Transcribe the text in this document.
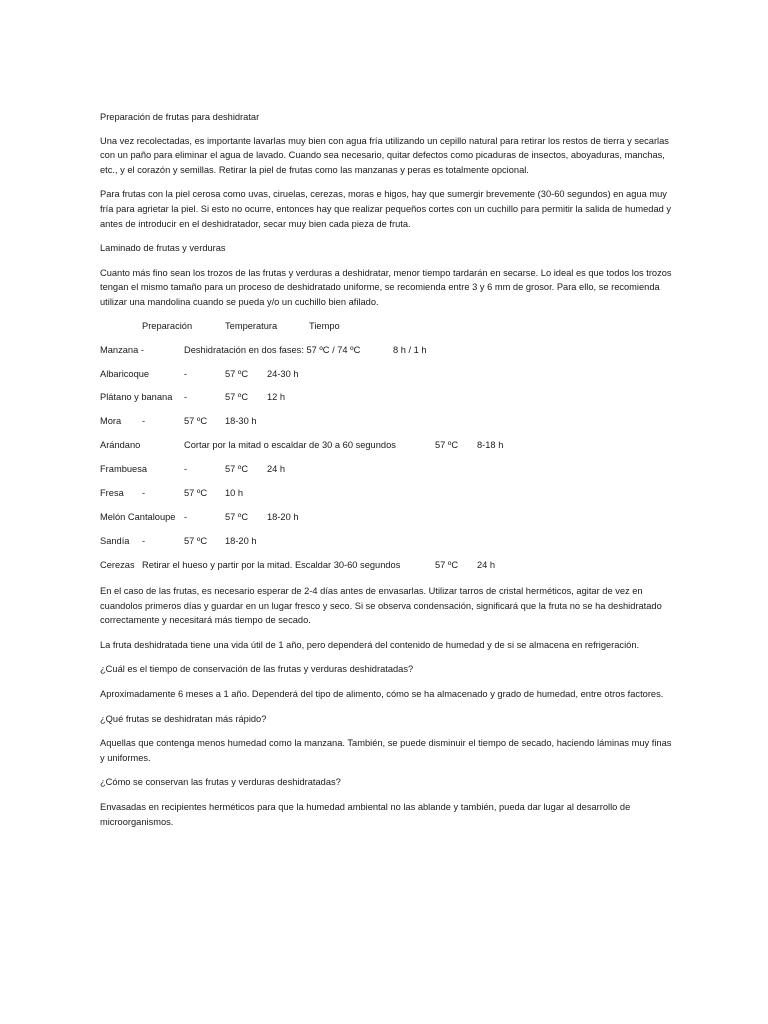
Preparación de frutas para deshidratar

Una vez recolectadas, es importante lavarlas muy bien con agua fría utilizando un cepillo natural para retirar los restos de tierra y secarlas con un paño para eliminar el agua de lavado. Cuando sea necesario, quitar defectos como picaduras de insectos, aboyaduras, manchas, etc., y el corazón y semillas. Retirar la piel de frutas como las manzanas y peras es totalmente opcional.

Para frutas con la piel cerosa como uvas, ciruelas, cerezas, moras e higos, hay que sumergir brevemente (30-60 segundos) en agua muy fría para agrietar la piel. Si esto no ocurre, entonces hay que realizar pequeños cortes con un cuchillo para permitir la salida de humedad y antes de introducir en el deshidratador, secar muy bien cada pieza de fruta.

Laminado de frutas y verduras

Cuanto más fino sean los trozos de las frutas y verduras a deshidratar, menor tiempo tardarán en secarse. Lo ideal es que todos los trozos tengan el mismo tamaño para un proceso de deshidratado uniforme, se recomienda entre 3 y 6 mm de grosor. Para ello, se recomienda utilizar una mandolina cuando se pueda y/o un cuchillo bien afilado.

Preparación	Temperatura	Tiempo
Manzana -	Deshidratación en dos fases: 57 ºC / 74 ºC	8 h / 1 h
Albaricoque	-	57 ºC 24-30 h
Plátano y banana -	57 ºC 12 h
Mora -	57 ºC 18-30 h
Arándano	Cortar por la mitad o escaldar de 30 a 60 segundos	57 ºC 8-18 h
Frambuesa	-	57 ºC 24 h
Fresa -	57 ºC 10 h
Melón Cantaloupe -	57 ºC 18-20 h
Sandía -	57 ºC 18-20 h
Cerezas Retirar el hueso y partir por la mitad. Escaldar 30-60 segundos	57 ºC 24 h

En el caso de las frutas, es necesario esperar de 2-4 días antes de envasarlas. Utilizar tarros de cristal herméticos, agitar de vez en cuandolos primeros días y guardar en un lugar fresco y seco. Si se observa condensación, significará que la fruta no se ha deshidratado correctamente y necesitará más tiempo de secado.

La fruta deshidratada tiene una vida útil de 1 año, pero dependerá del contenido de humedad y de si se almacena en refrigeración.

¿Cuál es el tiempo de conservación de las frutas y verduras deshidratadas?

Aproximadamente 6 meses a 1 año. Dependerá del tipo de alimento, cómo se ha almacenado y grado de humedad, entre otros factores.

¿Qué frutas se deshidratan más rápido?

Aquellas que contenga menos humedad como la manzana. También, se puede disminuir el tiempo de secado, haciendo láminas muy finas y uniformes.

¿Cómo se conservan las frutas y verduras deshidratadas?

Envasadas en recipientes herméticos para que la humedad ambiental no las ablande y también, pueda dar lugar al desarrollo de microorganismos.
